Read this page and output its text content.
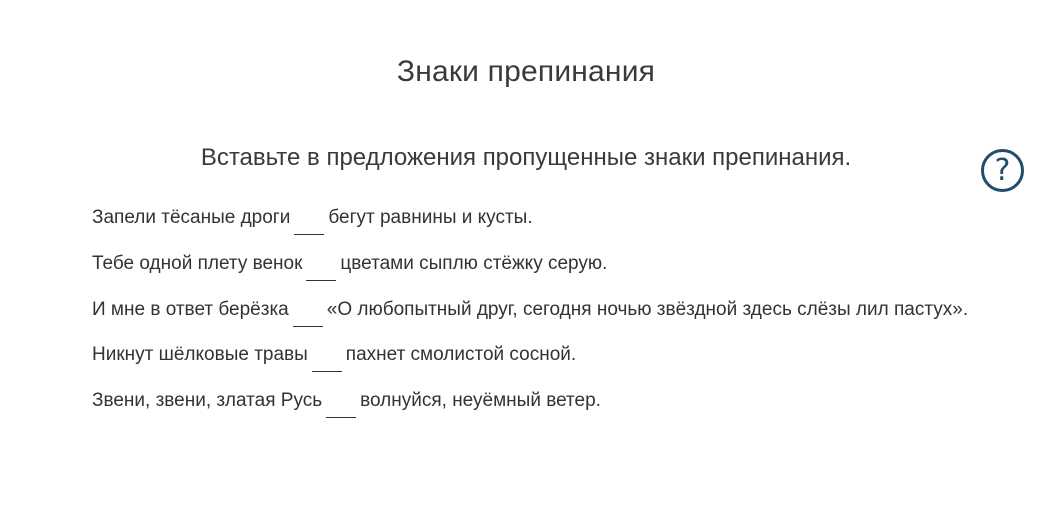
Знаки препинания

Вставьте в предложения пропущенные знаки препинания.	?
Запели тёсаные дроги бегут равнины и кусты.
Тебе одной плету венок цветами сыплю стёжку серую.
И мне в ответ берёзка «О любопытный друг, сегодня ночью звёздной здесь слёзы лил пастух».
Никнут шёлковые травы пахнет смолистой сосной.
Звени, звени, златая Русь волнуйся, неуёмный ветер.
